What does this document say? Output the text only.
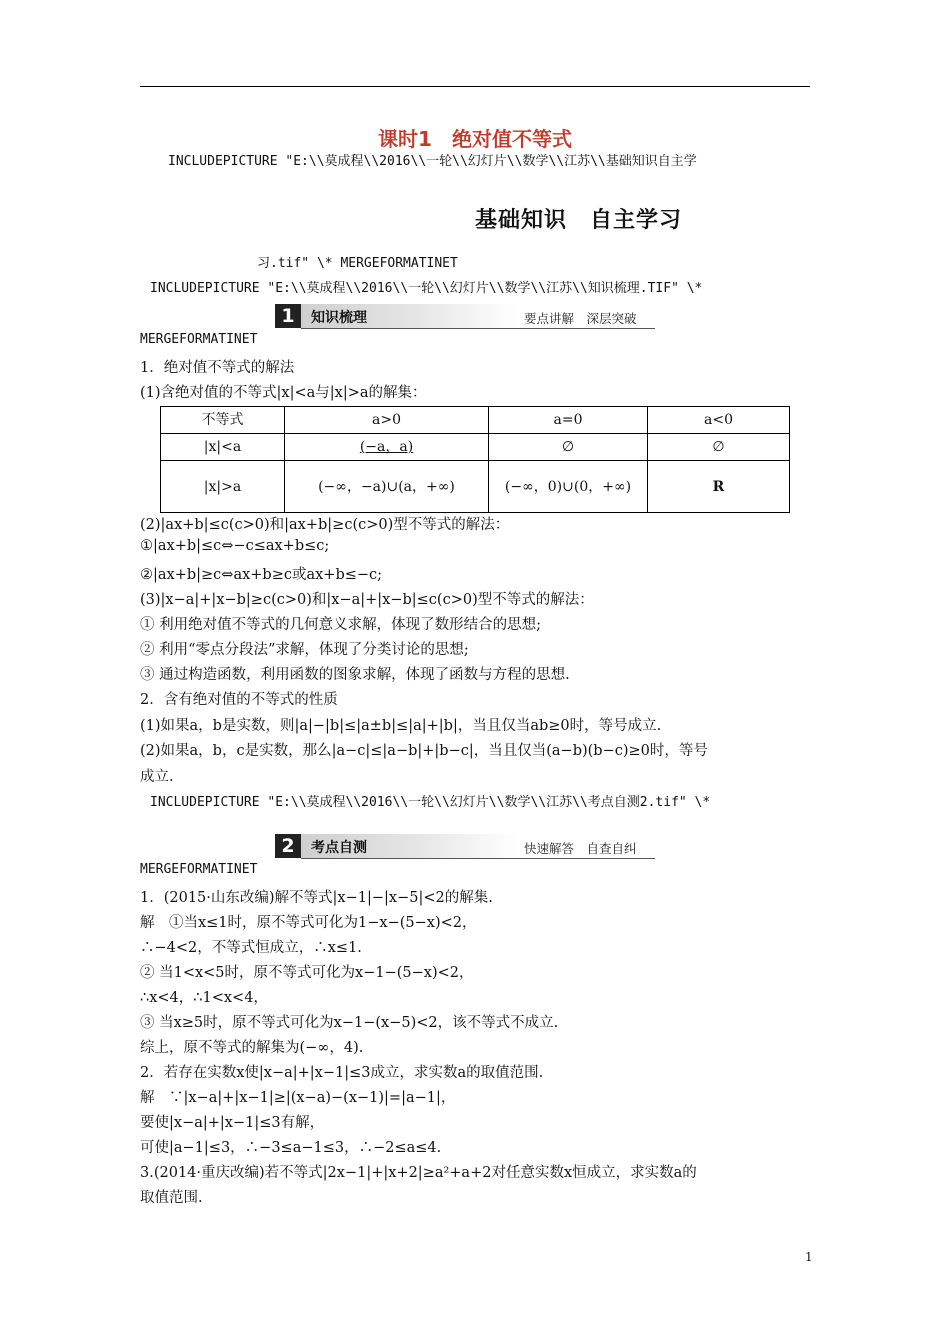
课时1　绝对值不等式
INCLUDEPICTURE "E:\\莫成程\\2016\\一轮\\幻灯片\\数学\\江苏\\基础知识自主学
基础知识　自主学习
习.tif" \* MERGEFORMATINET
INCLUDEPICTURE "E:\\莫成程\\2016\\一轮\\幻灯片\\数学\\江苏\\知识梳理.TIF" \*
1	知识梳理	要点讲解　深层突破
MERGEFORMATINET
1．绝对值不等式的解法
(1)含绝对值的不等式|x|<a与|x|>a的解集：
不等式	a>0	a=0	a<0
|x|<a	(−a，a)	∅	∅
|x|>a	(−∞，−a)∪(a，+∞)	(−∞，0)∪(0，+∞)	R
(2)|ax+b|≤c(c>0)和|ax+b|≥c(c>0)型不等式的解法：
①|ax+b|≤c⇔−c≤ax+b≤c;
②|ax+b|≥c⇔ax+b≥c或ax+b≤−c;
(3)|x−a|+|x−b|≥c(c>0)和|x−a|+|x−b|≤c(c>0)型不等式的解法：
① 利用绝对值不等式的几何意义求解，体现了数形结合的思想;
② 利用“零点分段法”求解，体现了分类讨论的思想;
③ 通过构造函数，利用函数的图象求解，体现了函数与方程的思想.
2．含有绝对值的不等式的性质
(1)如果a，b是实数，则|a|−|b|≤|a±b|≤|a|+|b|，当且仅当ab≥0时，等号成立.
(2)如果a，b，c是实数，那么|a−c|≤|a−b|+|b−c|，当且仅当(a−b)(b−c)≥0时，等号
成立.
INCLUDEPICTURE "E:\\莫成程\\2016\\一轮\\幻灯片\\数学\\江苏\\考点自测2.tif" \*
2	考点自测	快速解答　自查自纠
MERGEFORMATINET
1．(2015·山东改编)解不等式|x−1|−|x−5|<2的解集.
解　①当x≤1时，原不等式可化为1−x−(5−x)<2，
∴−4<2，不等式恒成立，∴x≤1.
② 当1<x<5时，原不等式可化为x−1−(5−x)<2，
∴x<4，∴1<x<4，
③ 当x≥5时，原不等式可化为x−1−(x−5)<2，该不等式不成立.
综上，原不等式的解集为(−∞，4).
2．若存在实数x使|x−a|+|x−1|≤3成立，求实数a的取值范围.
解　∵|x−a|+|x−1|≥|(x−a)−(x−1)|=|a−1|，
要使|x−a|+|x−1|≤3有解，
可使|a−1|≤3，∴−3≤a−1≤3，∴−2≤a≤4.
3.(2014·重庆改编)若不等式|2x−1|+|x+2|≥a²+a+2对任意实数x恒成立，求实数a的
取值范围.
1
